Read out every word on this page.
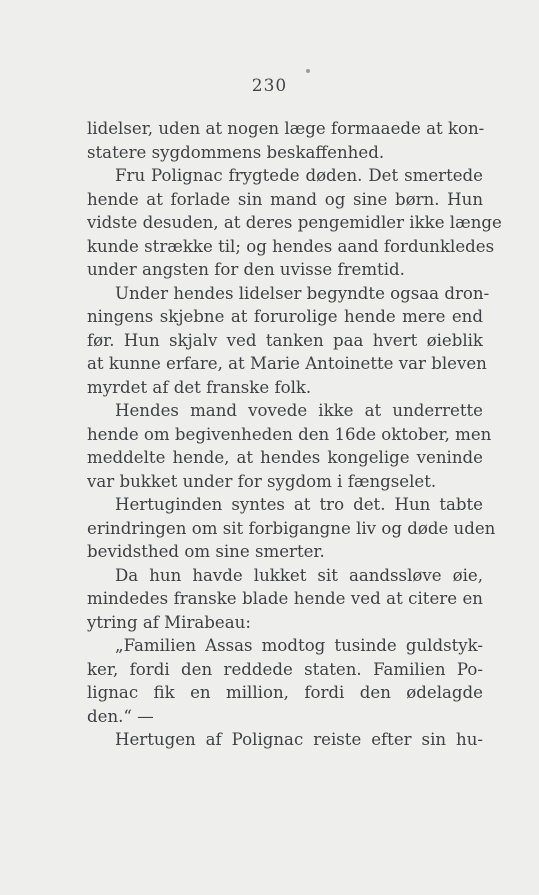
230
lidelser, uden at nogen læge formaaede at kon-
statere sygdommens beskaffenhed.
Fru Polignac frygtede døden. Det smertede
hende at forlade sin mand og sine børn. Hun
vidste desuden, at deres pengemidler ikke længe
kunde strække til; og hendes aand fordunkledes
under angsten for den uvisse fremtid.
Under hendes lidelser begyndte ogsaa dron-
ningens skjebne at forurolige hende mere end
før. Hun skjalv ved tanken paa hvert øieblik
at kunne erfare, at Marie Antoinette var bleven
myrdet af det franske folk.
Hendes mand vovede ikke at underrette
hende om begivenheden den 16de oktober, men
meddelte hende, at hendes kongelige veninde
var bukket under for sygdom i fængselet.
Hertuginden syntes at tro det. Hun tabte
erindringen om sit forbigangne liv og døde uden
bevidsthed om sine smerter.
Da hun havde lukket sit aandssløve øie,
mindedes franske blade hende ved at citere en
ytring af Mirabeau:
„Familien Assas modtog tusinde guldstyk-
ker, fordi den reddede staten. Familien Po-
lignac fik en million, fordi den ødelagde
den.“ —
Hertugen af Polignac reiste efter sin hu-
